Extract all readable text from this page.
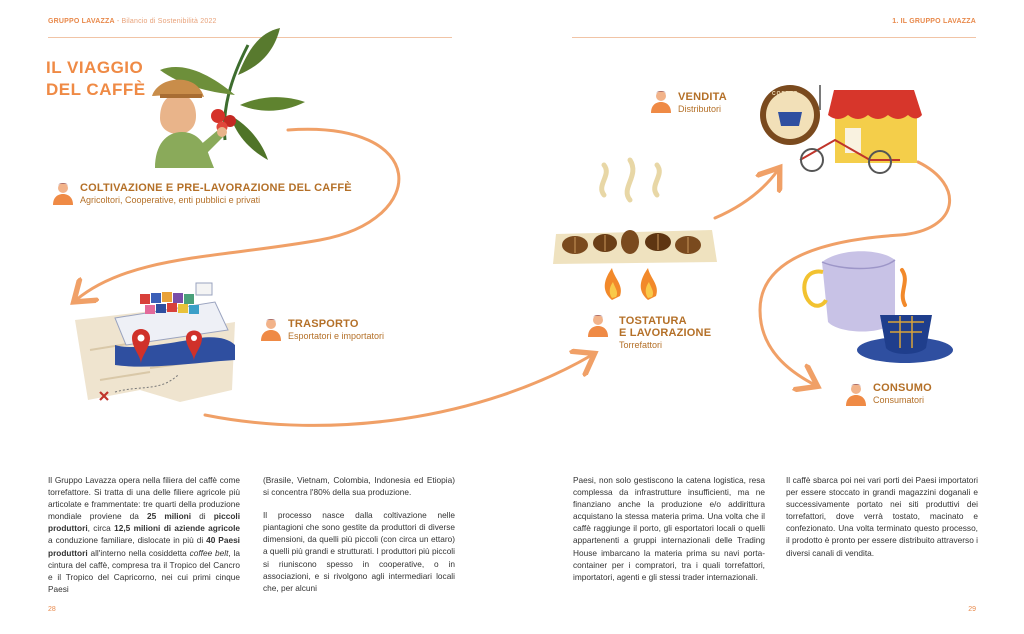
GRUPPO LAVAZZA - Bilancio di Sostenibilità 2022	1. IL GRUPPO LAVAZZA
IL VIAGGIO
DEL CAFFÈ
COLTIVAZIONE E PRE-LAVORAZIONE DEL CAFFÈ
Agricoltori, Cooperative, enti pubblici e privati
TRASPORTO
Esportatori e importatori
TOSTATURA
E LAVORAZIONE
Torrefattori
VENDITA
Distributori
CONSUMO
Consumatori
COFFEE

Il Gruppo Lavazza opera nella filiera del caffè come torrefattore. Si tratta di una delle filiere agricole più articolate e frammentate: tre quarti della produzione mondiale proviene da 25 milioni di piccoli produttori, circa 12,5 milioni di aziende agricole a conduzione familiare, dislocate in più di 40 Paesi produttori all'interno nella cosiddetta coffee belt, la cintura del caffè, compresa tra il Tropico del Cancro e il Tropico del Capricorno, nei cui primi cinque Paesi

(Brasile, Vietnam, Colombia, Indonesia ed Etiopia) si concentra l'80% della sua produzione.

Il processo nasce dalla coltivazione nelle piantagioni che sono gestite da produttori di diverse dimensioni, da quelli più piccoli (con circa un ettaro) a quelli più grandi e strutturati. I produttori più piccoli si riuniscono spesso in cooperative, o in associazioni, e si rivolgono agli intermediari locali che, per alcuni

Paesi, non solo gestiscono la catena logistica, resa complessa da infrastrutture insufficienti, ma ne finanziano anche la produzione e/o addirittura acquistano la stessa materia prima. Una volta che il caffè raggiunge il porto, gli esportatori locali o quelli appartenenti a gruppi internazionali delle Trading House imbarcano la materia prima su navi porta-container per i compratori, tra i quali torrefattori, importatori, agenti e gli stessi trader internazionali.

Il caffè sbarca poi nei vari porti dei Paesi importatori per essere stoccato in grandi magazzini doganali e successivamente portato nei siti produttivi dei torrefattori, dove verrà tostato, macinato e confezionato. Una volta terminato questo processo, il prodotto è pronto per essere distribuito attraverso i diversi canali di vendita.

28	29
